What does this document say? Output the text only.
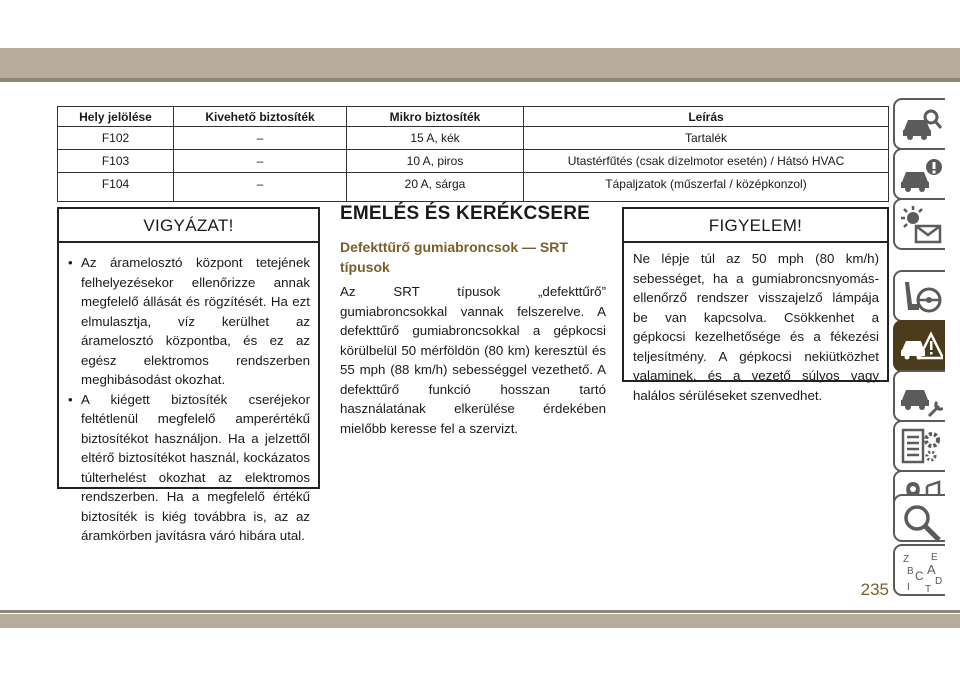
Hely jelölése	Kivehető biztosíték	Mikro biztosíték	Leírás
F102	–	15 A, kék	Tartalék
F103	–	10 A, piros	Utastérfűtés (csak dízelmotor esetén) / Hátsó HVAC
F104	–	20 A, sárga	Tápaljzatok (műszerfal / középkonzol)
VIGYÁZAT!
• Az áramelosztó központ tetejének felhelyezésekor ellenőrizze annak megfelelő állását és rögzítését. Ha ezt elmulasztja, víz kerülhet az áramelosztó központba, és ez az egész elektromos rendszerben meghibásodást okozhat.
• A kiégett biztosíték cseréjekor feltétlenül megfelelő amperértékű biztosítékot használjon. Ha a jelzettől eltérő biztosítékot használ, kockázatos túlterhelést okozhat az elektromos rendszerben. Ha a megfelelő értékű biztosíték is kiég továbbra is, az az áramkörben javításra váró hibára utal.
EMELÉS ÉS KERÉKCSERE
Defekttűrő gumiabroncsok — SRT típusok
Az SRT típusok „defekttűrő” gumiabroncsokkal vannak felszerelve. A defekttűrő gumiabroncsokkal a gépkocsi körülbelül 50 mérföldön (80 km) keresztül és 55 mph (88 km/h) sebességgel vezethető. A defekttűrő funkció hosszan tartó használatának elkerülése érdekében mielőbb keresse fel a szervizt.
FIGYELEM!
Ne lépje túl az 50 mph (80 km/h) sebességet, ha a gumiabroncsnyomás-ellenőrző rendszer visszajelző lámpája be van kapcsolva. Csökkenhet a gépkocsi kezelhetősége és a fékezési teljesítmény. A gépkocsi nekiütközhet valaminek, és a vezető súlyos vagy halálos sérüléseket szenvedhet.
Z E
B A
C D
I T
235
